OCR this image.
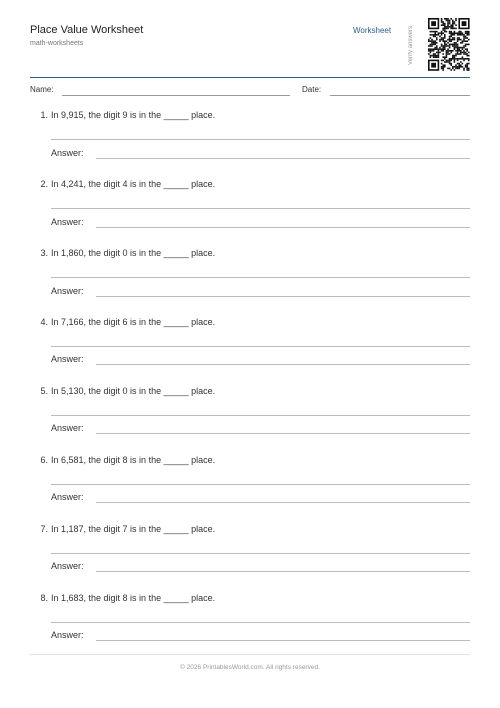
Place Value Worksheet
math-worksheets
Worksheet	Verify answers
Name:	Date:
1. In 9,915, the digit 9 is in the _____ place.
Answer:
2. In 4,241, the digit 4 is in the _____ place.
Answer:
3. In 1,860, the digit 0 is in the _____ place.
Answer:
4. In 7,166, the digit 6 is in the _____ place.
Answer:
5. In 5,130, the digit 0 is in the _____ place.
Answer:
6. In 6,581, the digit 8 is in the _____ place.
Answer:
7. In 1,187, the digit 7 is in the _____ place.
Answer:
8. In 1,683, the digit 8 is in the _____ place.
Answer:
© 2026 PrintablesWorld.com. All rights reserved.
